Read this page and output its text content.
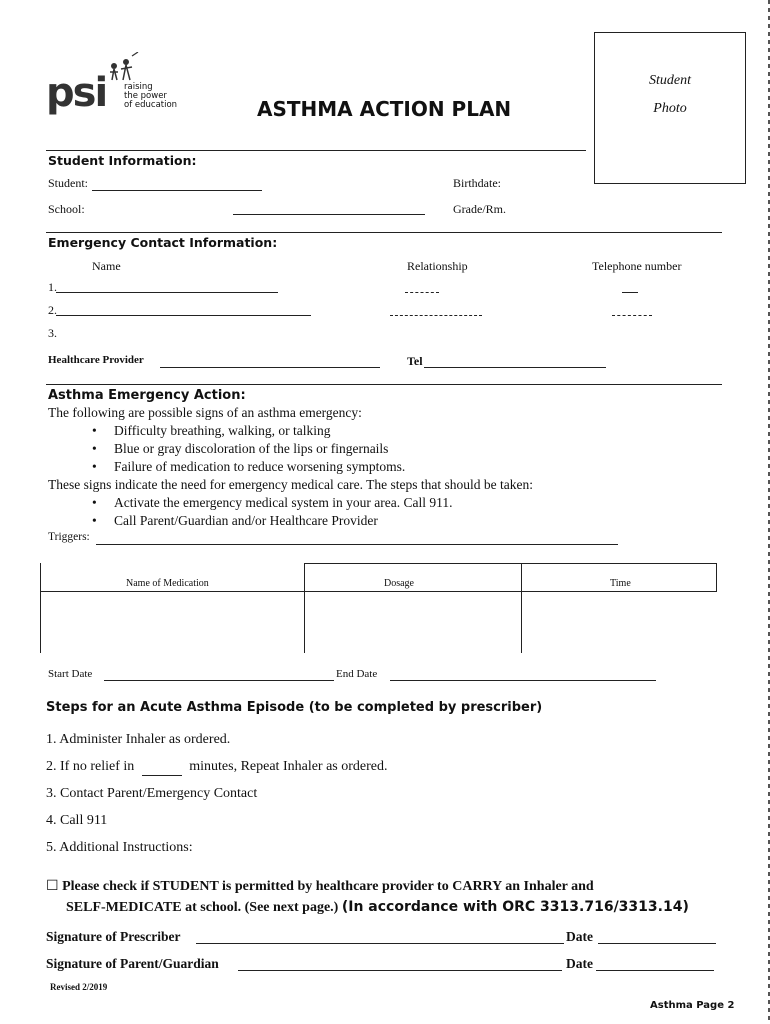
psi raising
the power
of education	ASTHMA ACTION PLAN
Student
Photo
Student Information:
Student:	Birthdate:
School:	Grade/Rm.
Emergency Contact Information:
Name	Relationship	Telephone number
1.
2.
3.
Healthcare Provider	Tel
Asthma Emergency Action:
The following are possible signs of an asthma emergency:
• Difficulty breathing, walking, or talking
• Blue or gray discoloration of the lips or fingernails
• Failure of medication to reduce worsening symptoms.
These signs indicate the need for emergency medical care. The steps that should be taken:
• Activate the emergency medical system in your area. Call 911.
• Call Parent/Guardian and/or Healthcare Provider
Triggers:
Name of Medication	Dosage	Time
Start Date	End Date
Steps for an Acute Asthma Episode (to be completed by prescriber)
1. Administer Inhaler as ordered.
2. If no relief in	minutes, Repeat Inhaler as ordered.
3. Contact Parent/Emergency Contact
4. Call 911
5. Additional Instructions:
☐ Please check if STUDENT is permitted by healthcare provider to CARRY an Inhaler and
SELF-MEDICATE at school. (See next page.) (In accordance with ORC 3313.716/3313.14)
Signature of Prescriber	Date
Signature of Parent/Guardian	Date
Revised 2/2019
Asthma Page 2
